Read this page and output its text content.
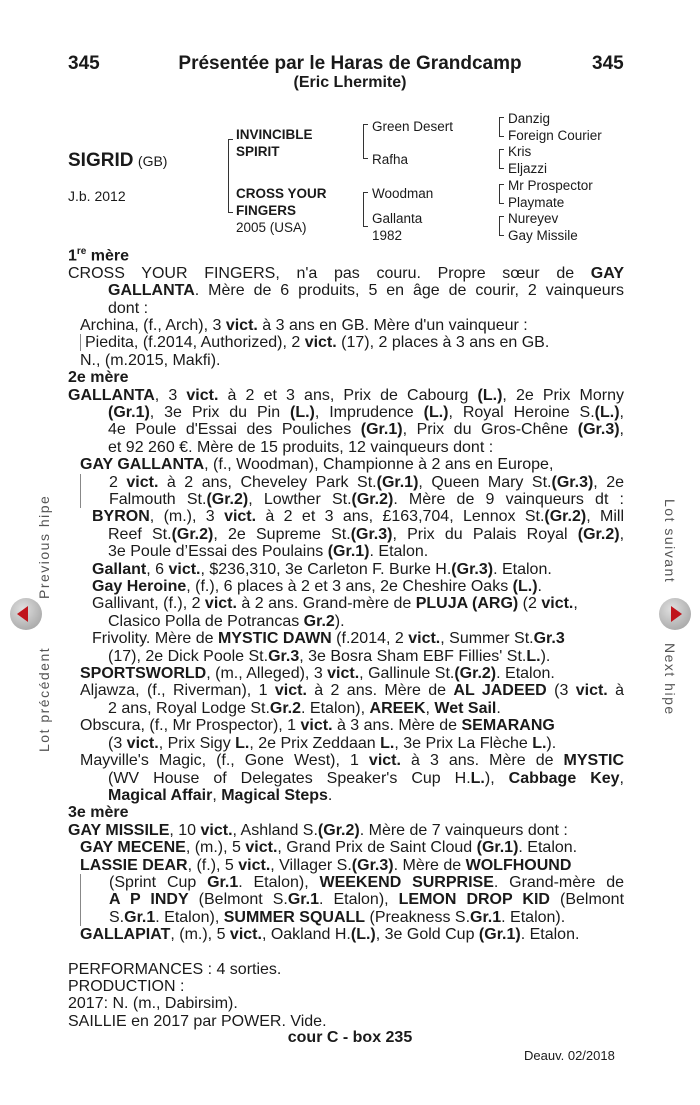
345	Présentée par le Haras de Grandcamp	345
(Eric Lhermite)
SIGRID (GB)
J.b. 2012
INVINCIBLE SPIRIT
CROSS YOUR FINGERS
2005 (USA)
Green Desert
Rafha
Woodman
Gallanta
1982
Danzig
Foreign Courier
Kris
Eljazzi
Mr Prospector
Playmate
Nureyev
Gay Missile
1re mère
CROSS YOUR FINGERS, n'a pas couru. Propre sœur de GAY
GALLANTA. Mère de 6 produits, 5 en âge de courir, 2 vainqueurs
dont :
Archina, (f., Arch), 3 vict. à 3 ans en GB. Mère d'un vainqueur :
Piedita, (f.2014, Authorized), 2 vict. (17), 2 places à 3 ans en GB.
N., (m.2015, Makfi).
2e mère
GALLANTA, 3 vict. à 2 et 3 ans, Prix de Cabourg (L.), 2e Prix Morny
(Gr.1), 3e Prix du Pin (L.), Imprudence (L.), Royal Heroine S.(L.),
4e Poule d'Essai des Pouliches (Gr.1), Prix du Gros-Chêne (Gr.3),
et 92 260 €. Mère de 15 produits, 12 vainqueurs dont :
GAY GALLANTA, (f., Woodman), Championne à 2 ans en Europe,
2 vict. à 2 ans, Cheveley Park St.(Gr.1), Queen Mary St.(Gr.3), 2e
Falmouth St.(Gr.2), Lowther St.(Gr.2). Mère de 9 vainqueurs dt :
BYRON, (m.), 3 vict. à 2 et 3 ans, £163,704, Lennox St.(Gr.2), Mill
Reef St.(Gr.2), 2e Supreme St.(Gr.3), Prix du Palais Royal (Gr.2),
3e Poule d’Essai des Poulains (Gr.1). Etalon.
Gallant, 6 vict., $236,310, 3e Carleton F. Burke H.(Gr.3). Etalon.
Gay Heroine, (f.), 6 places à 2 et 3 ans, 2e Cheshire Oaks (L.).
Gallivant, (f.), 2 vict. à 2 ans. Grand-mère de PLUJA (ARG) (2 vict.,
Clasico Polla de Potrancas Gr.2).
Frivolity. Mère de MYSTIC DAWN (f.2014, 2 vict., Summer St.Gr.3
(17), 2e Dick Poole St.Gr.3, 3e Bosra Sham EBF Fillies' St.L.).
SPORTSWORLD, (m., Alleged), 3 vict., Gallinule St.(Gr.2). Etalon.
Aljawza, (f., Riverman), 1 vict. à 2 ans. Mère de AL JADEED (3 vict. à
2 ans, Royal Lodge St.Gr.2. Etalon), AREEK, Wet Sail.
Obscura, (f., Mr Prospector), 1 vict. à 3 ans. Mère de SEMARANG
(3 vict., Prix Sigy L., 2e Prix Zeddaan L., 3e Prix La Flèche L.).
Mayville's Magic, (f., Gone West), 1 vict. à 3 ans. Mère de MYSTIC
(WV House of Delegates Speaker's Cup H.L.), Cabbage Key,
Magical Affair, Magical Steps.
3e mère
GAY MISSILE, 10 vict., Ashland S.(Gr.2). Mère de 7 vainqueurs dont :
GAY MECENE, (m.), 5 vict., Grand Prix de Saint Cloud (Gr.1). Etalon.
LASSIE DEAR, (f.), 5 vict., Villager S.(Gr.3). Mère de WOLFHOUND
(Sprint Cup Gr.1. Etalon), WEEKEND SURPRISE. Grand-mère de
A P INDY (Belmont S.Gr.1. Etalon), LEMON DROP KID (Belmont
S.Gr.1. Etalon), SUMMER SQUALL (Preakness S.Gr.1. Etalon).
GALLAPIAT, (m.), 5 vict., Oakland H.(L.), 3e Gold Cup (Gr.1). Etalon.
PERFORMANCES : 4 sorties.
PRODUCTION :
2017: N. (m., Dabirsim).
SAILLIE en 2017 par POWER. Vide.
cour C - box 235
Deauv. 02/2018
Previous hipe
Lot précédent
Lot suivant
Next hipe
